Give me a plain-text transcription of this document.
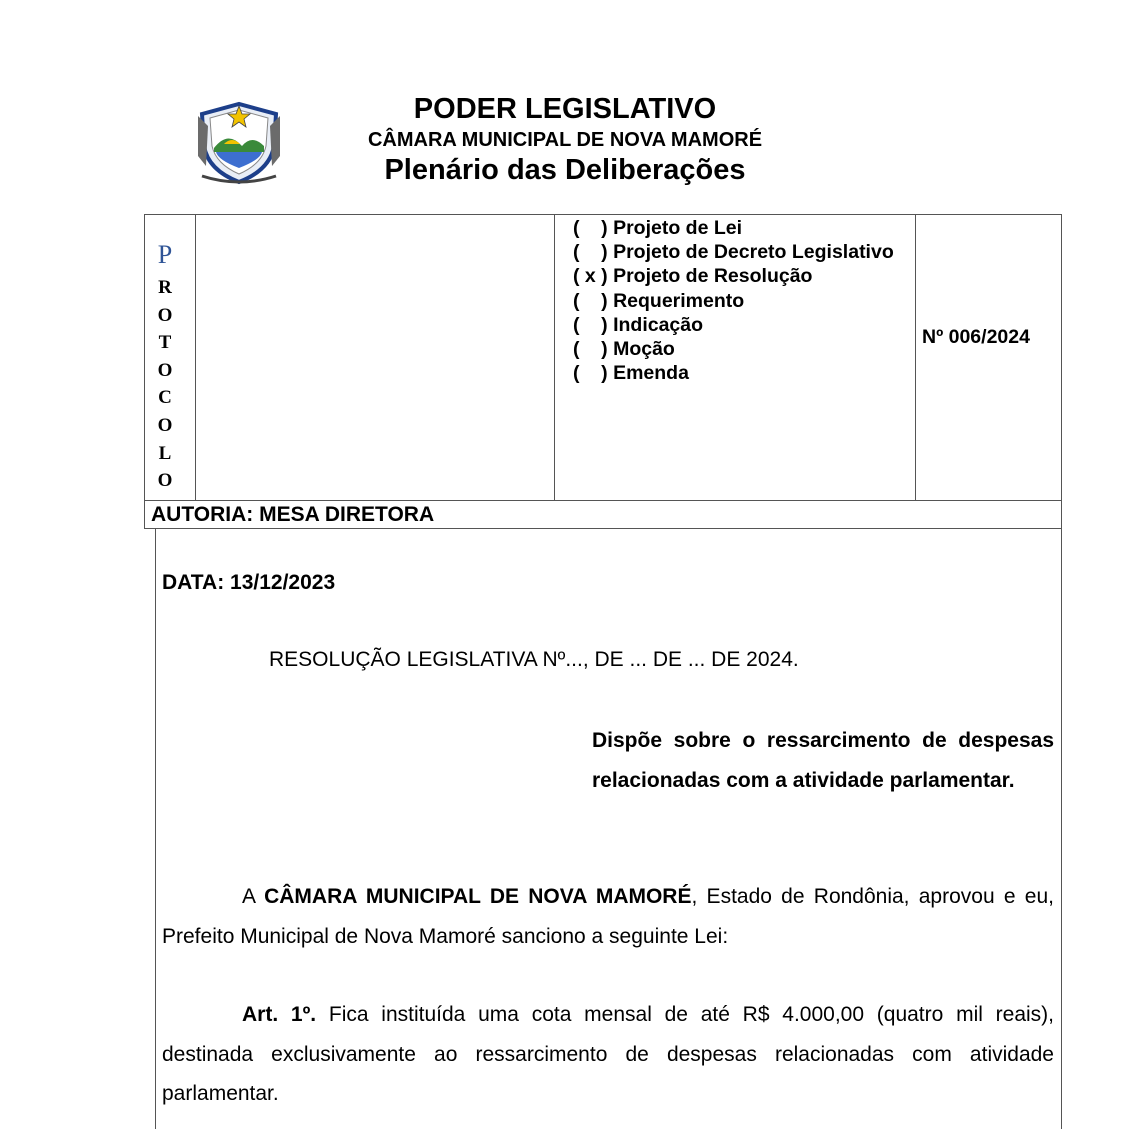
PODER LEGISLATIVO
CÂMARA MUNICIPAL DE NOVA MAMORÉ
Plenário das Deliberações
P
R
O
T
O
C
O
L
O
(    ) Projeto de Lei
(    ) Projeto de Decreto Legislativo
( x ) Projeto de Resolução
(    ) Requerimento
(    ) Indicação
(    ) Moção
(    ) Emenda
Nº 006/2024
AUTORIA: MESA DIRETORA
DATA: 13/12/2023
RESOLUÇÃO LEGISLATIVA Nº..., DE ... DE ... DE 2024.
Dispõe sobre o ressarcimento de despesas relacionadas com a atividade parlamentar.
A CÂMARA MUNICIPAL DE NOVA MAMORÉ, Estado de Rondônia, aprovou e eu, Prefeito Municipal de Nova Mamoré sanciono a seguinte Lei:
Art. 1º. Fica instituída uma cota mensal de até R$ 4.000,00 (quatro mil reais), destinada exclusivamente ao ressarcimento de despesas relacionadas com atividade parlamentar.
